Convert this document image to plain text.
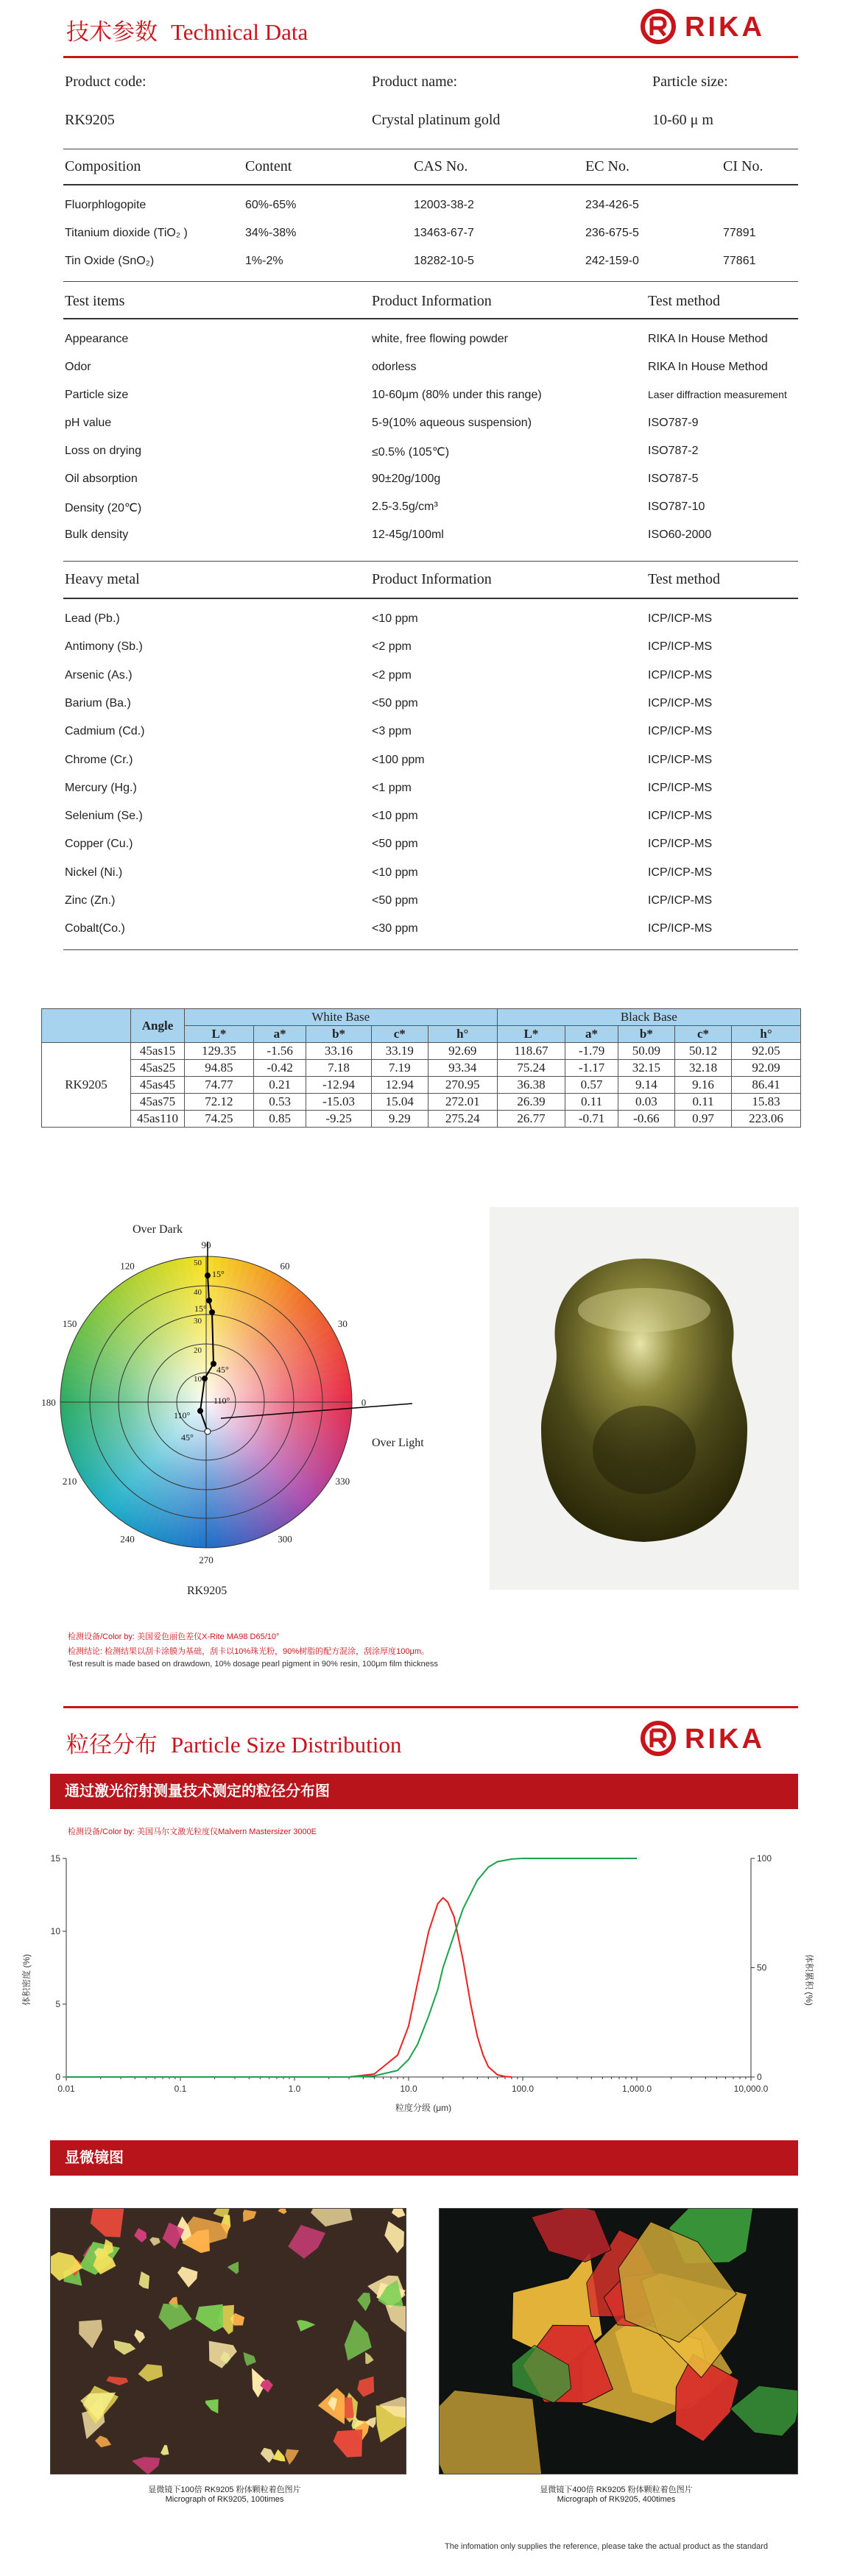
技术参数 Technical Data	RIKA
Product code:	Product name:	Particle size:
RK9205	Crystal platinum gold	10-60 μ m
Composition	Content	CAS No.	EC No.	CI No.
Fluorphlogopite	60%-65%	12003-38-2	234-426-5
Titanium dioxide (TiO₂ )	34%-38%	13463-67-7	236-675-5	77891
Tin Oxide (SnO₂)	1%-2%	18282-10-5	242-159-0	77861
Test items	Product Information	Test method
Appearance	white, free flowing powder	RIKA In House Method
Odor	odorless	RIKA In House Method
Particle size	10-60μm (80% under this range)	Laser diffraction measurement
pH value	5-9(10% aqueous suspension)	ISO787-9
Loss on drying	≤0.5% (105℃)	ISO787-2
Oil absorption	90±20g/100g	ISO787-5
Density (20℃)	2.5-3.5g/cm³	ISO787-10
Bulk density	12-45g/100ml	ISO60-2000
Heavy metal	Product Information	Test method
Lead (Pb.)	<10 ppm	ICP/ICP-MS
Antimony (Sb.)	<2 ppm	ICP/ICP-MS
Arsenic (As.)	<2 ppm	ICP/ICP-MS
Barium (Ba.)	<50 ppm	ICP/ICP-MS
Cadmium (Cd.)	<3 ppm	ICP/ICP-MS
Chrome (Cr.)	<100 ppm	ICP/ICP-MS
Mercury (Hg.)	<1 ppm	ICP/ICP-MS
Selenium (Se.)	<10 ppm	ICP/ICP-MS
Copper (Cu.)	<50 ppm	ICP/ICP-MS
Nickel (Ni.)	<10 ppm	ICP/ICP-MS
Zinc (Zn.)	<50 ppm	ICP/ICP-MS
Cobalt(Co.)	<30 ppm	ICP/ICP-MS
	Angle	White Base					Black Base				
		L*	a*	b*	c*	h°	L*	a*	b*	c*	h°
RK9205	45as15	129.35	-1.56	33.16	33.19	92.69	118.67	-1.79	50.09	50.12	92.05
	45as25	94.85	-0.42	7.18	7.19	93.34	75.24	-1.17	32.15	32.18	92.09
	45as45	74.77	0.21	-12.94	12.94	270.95	36.38	0.57	9.14	9.16	86.41
	45as75	72.12	0.53	-15.03	15.04	272.01	26.39	0.11	0.03	0.11	15.83
	45as110	74.25	0.85	-9.25	9.29	275.24	26.77	-0.71	-0.66	0.97	223.06
90
60
30
0
330
300
270
240
210
180
150
120
10
20
30
40
50
15°
15°
45°
110°
110°
45°
Over Dark
Over Light
RK9205
检测设备/Color by: 美国爱色丽色差仪X-Rite MA98 D65/10°
检测结论: 检测结果以刮卡涂膜为基础，刮卡以10%珠光粉，90%树脂的配方混涂，刮涂厚度100μm。
Test result is made based on drawdown, 10% dosage pearl pigment in 90% resin, 100μm film thickness
粒径分布 Particle Size Distribution	RIKA
通过激光衍射测量技术测定的粒径分布图
检测设备/Color by: 美国马尔文激光粒度仪Malvern Mastersizer 3000E
0.01	0.1	1.0	10.0	100.0	1,000.0	10,000.0
0
5
10
15
0
50
100
体积密度 (%)	体积累积 (%)
粒度分级 (μm)
显微镜图
显微镜下100倍 RK9205 粉体颗粒着色图片
Micrograph of RK9205, 100times
显微镜下400倍 RK9205 粉体颗粒着色图片
Micrograph of RK9205, 400times
The infomation only supplies the reference, please take the actual product as the standard
